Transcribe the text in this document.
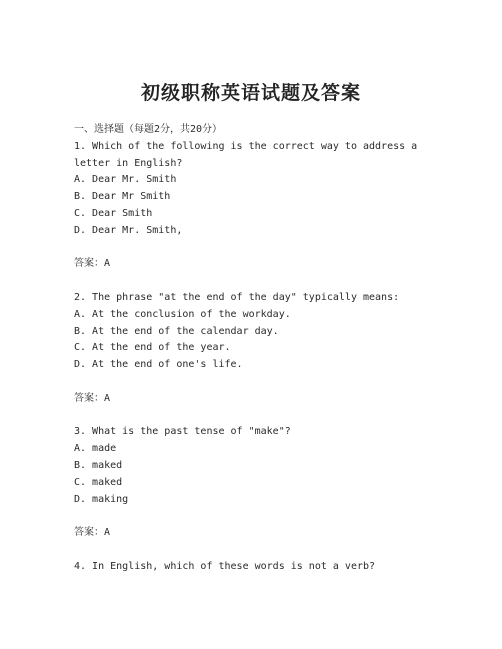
初级职称英语试题及答案
一、选择题（每题2分，共20分）
1. Which of the following is the correct way to address a
letter in English?
A. Dear Mr. Smith
B. Dear Mr Smith
C. Dear Smith
D. Dear Mr. Smith,
答案：A
2. The phrase "at the end of the day" typically means:
A. At the conclusion of the workday.
B. At the end of the calendar day.
C. At the end of the year.
D. At the end of one's life.
答案：A
3. What is the past tense of "make"?
A. made
B. maked
C. maked
D. making
答案：A
4. In English, which of these words is not a verb?
